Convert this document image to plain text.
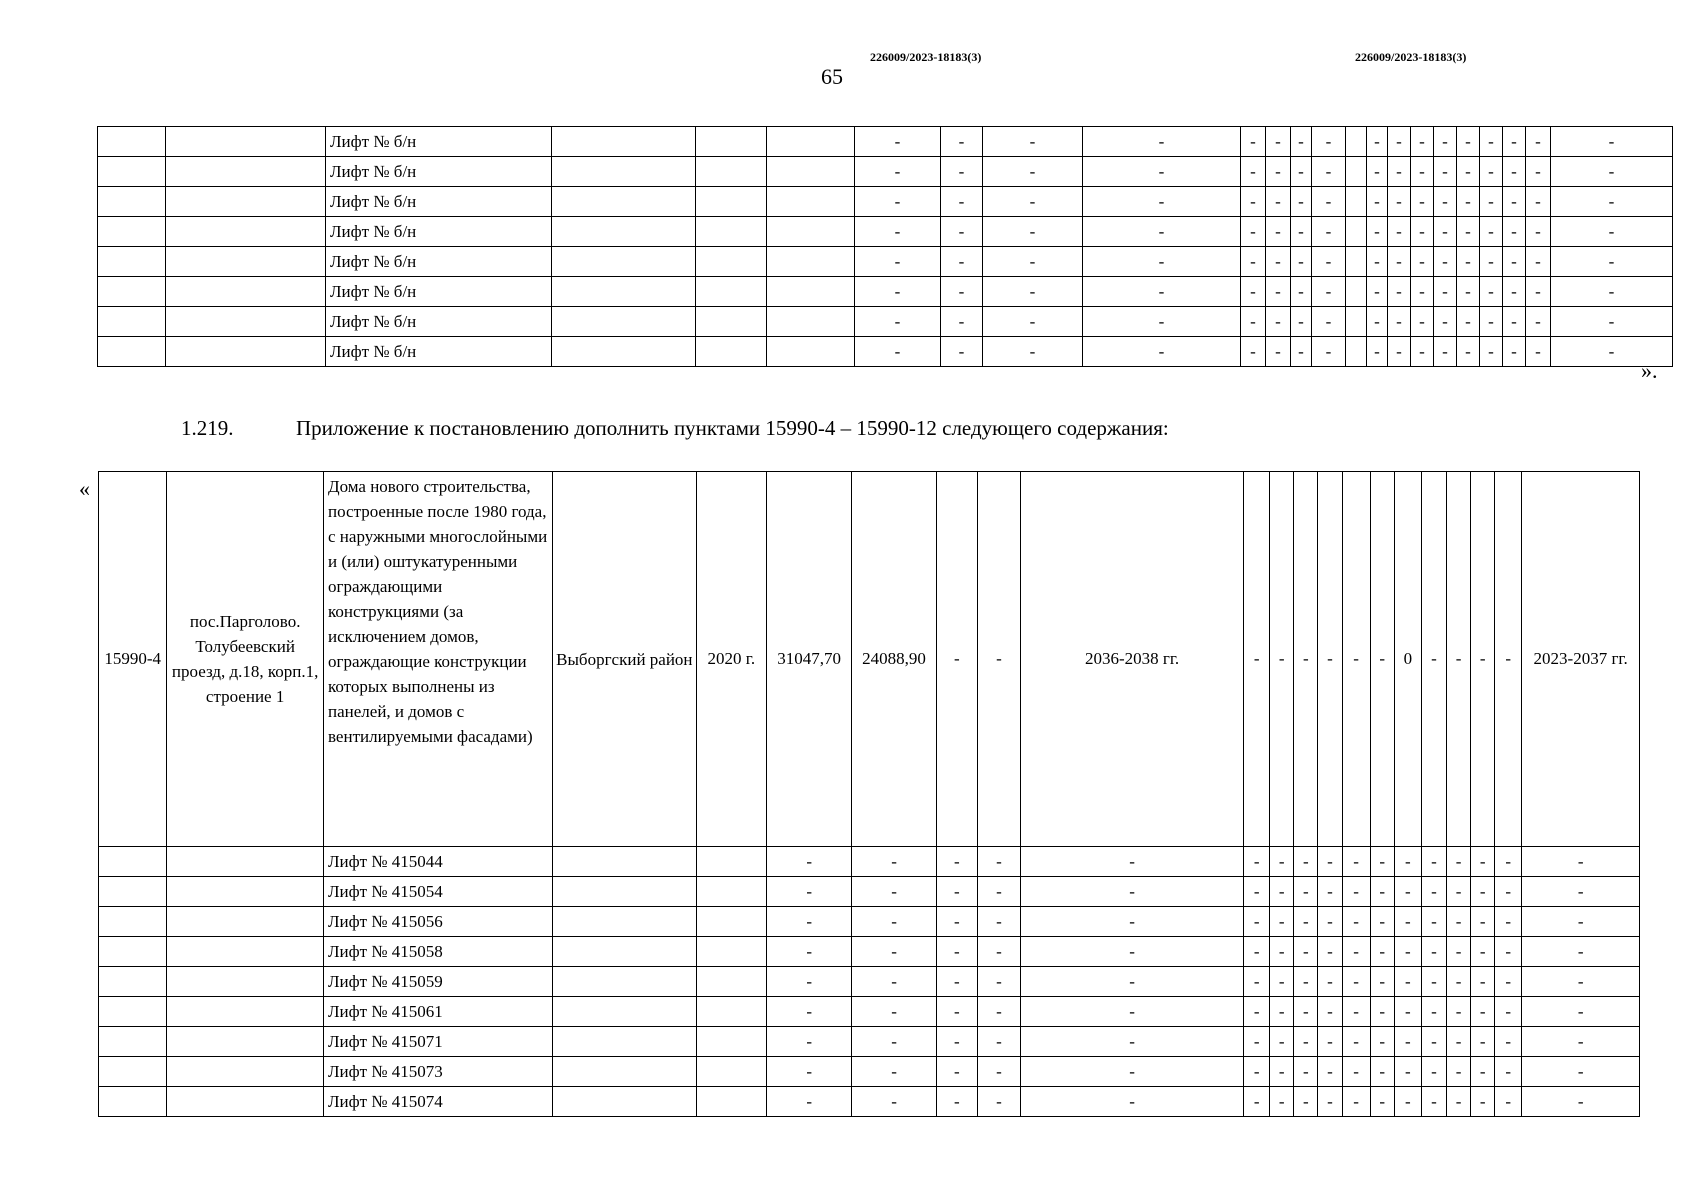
226009/2023-18183(3)	226009/2023-18183(3)
65
		Лифт № б/н				-	-	-	-	-	-	-	-		-	-	-	-	-	-	-	-	-
		Лифт № б/н				-	-	-	-	-	-	-	-		-	-	-	-	-	-	-	-	-
		Лифт № б/н				-	-	-	-	-	-	-	-		-	-	-	-	-	-	-	-	-
		Лифт № б/н				-	-	-	-	-	-	-	-		-	-	-	-	-	-	-	-	-
		Лифт № б/н				-	-	-	-	-	-	-	-		-	-	-	-	-	-	-	-	-
		Лифт № б/н				-	-	-	-	-	-	-	-		-	-	-	-	-	-	-	-	-
		Лифт № б/н				-	-	-	-	-	-	-	-		-	-	-	-	-	-	-	-	-
		Лифт № б/н				-	-	-	-	-	-	-	-		-	-	-	-	-	-	-	-	-
».
1.219.	Приложение к постановлению дополнить пунктами 15990-4 – 15990-12 следующего содержания:
«
15990-4	пос.Парголово. Толубеевский проезд, д.18, корп.1, строение 1	Дома нового строительства, построенные после 1980 года, с наружными многослойными и (или) оштукатуренными ограждающими конструкциями (за исключением домов, ограждающие конструкции которых выполнены из панелей, и домов с вентилируемыми фасадами)	Выборгский район	2020 г.	31047,70	24088,90	-	-	2036-2038 гг.	-	-	-	-	-	-	0	-	-	-	-	2023-2037 гг.
		Лифт № 415044			-	-	-	-	-	-	-	-	-	-	-	-	-	-	-	-	-
		Лифт № 415054			-	-	-	-	-	-	-	-	-	-	-	-	-	-	-	-	-
		Лифт № 415056			-	-	-	-	-	-	-	-	-	-	-	-	-	-	-	-	-
		Лифт № 415058			-	-	-	-	-	-	-	-	-	-	-	-	-	-	-	-	-
		Лифт № 415059			-	-	-	-	-	-	-	-	-	-	-	-	-	-	-	-	-
		Лифт № 415061			-	-	-	-	-	-	-	-	-	-	-	-	-	-	-	-	-
		Лифт № 415071			-	-	-	-	-	-	-	-	-	-	-	-	-	-	-	-	-
		Лифт № 415073			-	-	-	-	-	-	-	-	-	-	-	-	-	-	-	-	-
		Лифт № 415074			-	-	-	-	-	-	-	-	-	-	-	-	-	-	-	-	-
